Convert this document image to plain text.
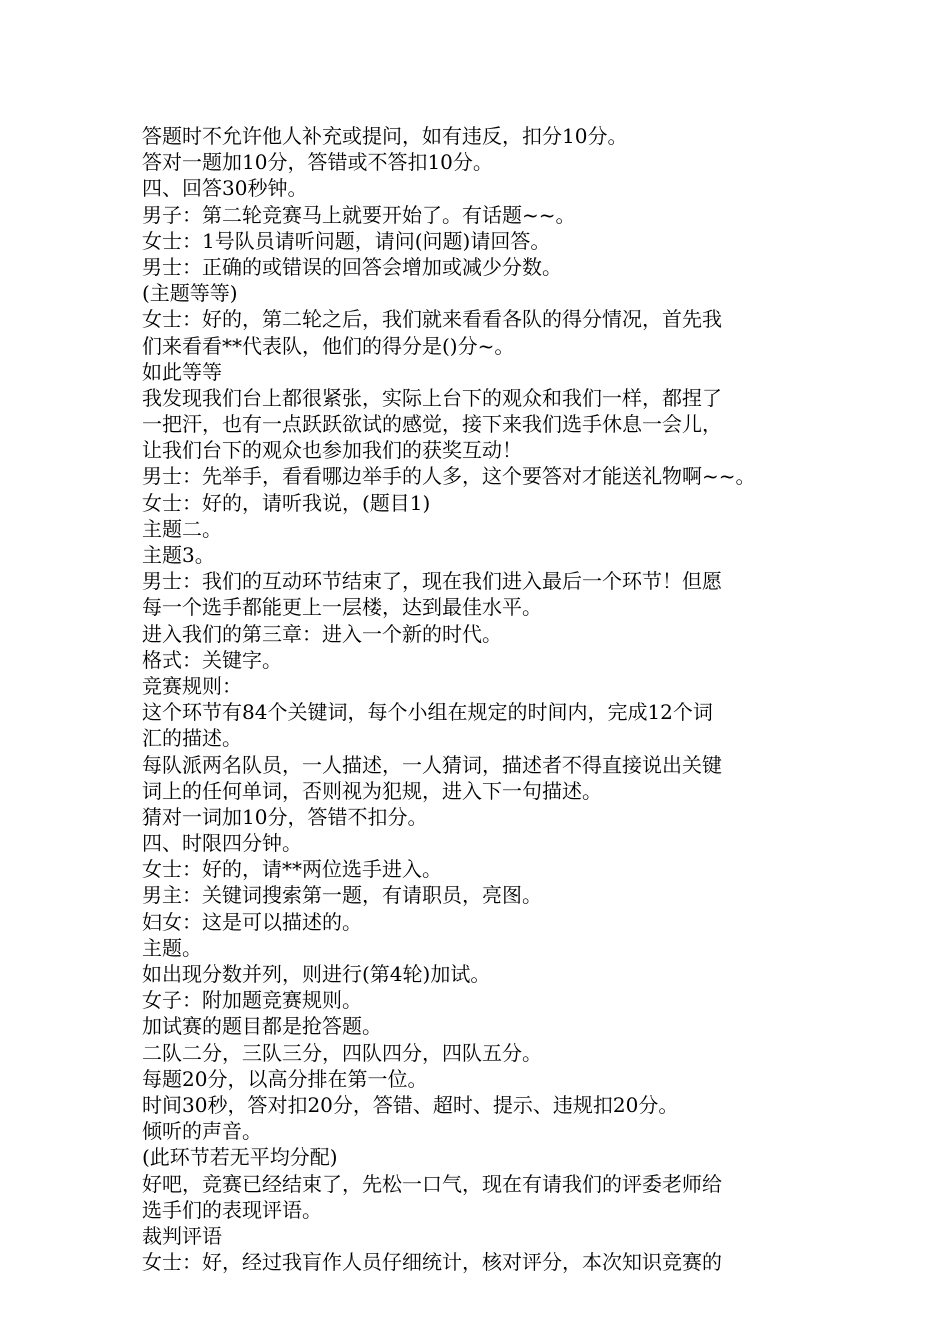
答题时不允许他人补充或提问，如有违反，扣分10分。
答对一题加10分，答错或不答扣10分。
四、回答30秒钟。
男子：第二轮竞赛马上就要开始了。有话题~~。
女士：1号队员请听问题，请问(问题)请回答。
男士：正确的或错误的回答会增加或减少分数。
(主题等等)
女士：好的，第二轮之后，我们就来看看各队的得分情况，首先我
们来看看**代表队，他们的得分是()分~。
如此等等
我发现我们台上都很紧张，实际上台下的观众和我们一样，都捏了
一把汗，也有一点跃跃欲试的感觉，接下来我们选手休息一会儿，
让我们台下的观众也参加我们的获奖互动！
男士：先举手，看看哪边举手的人多，这个要答对才能送礼物啊~~。
女士：好的，请听我说，(题目1)
主题二。
主题3。
男士：我们的互动环节结束了，现在我们进入最后一个环节！但愿
每一个选手都能更上一层楼，达到最佳水平。
进入我们的第三章：进入一个新的时代。
格式：关键字。
竞赛规则：
这个环节有84个关键词，每个小组在规定的时间内，完成12个词
汇的描述。
每队派两名队员，一人描述，一人猜词，描述者不得直接说出关键
词上的任何单词，否则视为犯规，进入下一句描述。
猜对一词加10分，答错不扣分。
四、时限四分钟。
女士：好的，请**两位选手进入。
男主：关键词搜索第一题，有请职员，亮图。
妇女：这是可以描述的。
主题。
如出现分数并列，则进行(第4轮)加试。
女子：附加题竞赛规则。
加试赛的题目都是抢答题。
二队二分，三队三分，四队四分，四队五分。
每题20分，以高分排在第一位。
时间30秒，答对扣20分，答错、超时、提示、违规扣20分。
倾听的声音。
(此环节若无平均分配)
好吧，竞赛已经结束了，先松一口气，现在有请我们的评委老师给
选手们的表现评语。
裁判评语
女士：好，经过我肓作人员仔细统计，核对评分，本次知识竞赛的
